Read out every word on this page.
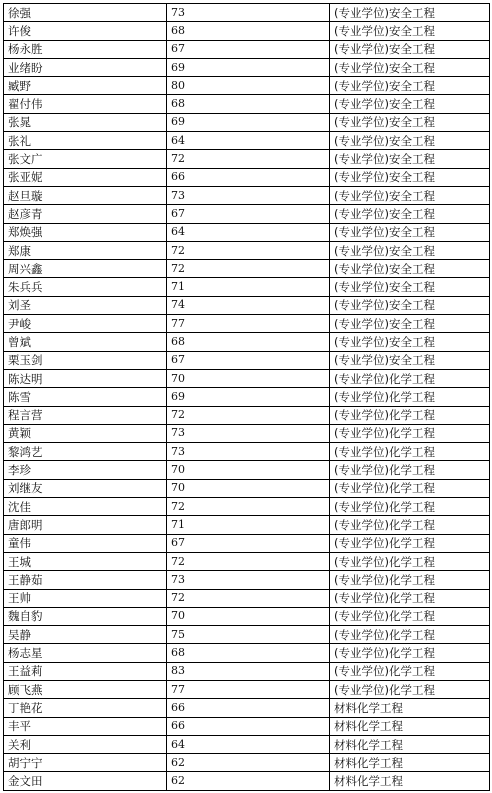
徐强	73	(专业学位)安全工程
许俊	68	(专业学位)安全工程
杨永胜	67	(专业学位)安全工程
业绪盼	69	(专业学位)安全工程
臧野	80	(专业学位)安全工程
翟付伟	68	(专业学位)安全工程
张晁	69	(专业学位)安全工程
张礼	64	(专业学位)安全工程
张文广	72	(专业学位)安全工程
张亚妮	66	(专业学位)安全工程
赵旦璇	73	(专业学位)安全工程
赵彦青	67	(专业学位)安全工程
郑焕强	64	(专业学位)安全工程
郑康	72	(专业学位)安全工程
周兴鑫	72	(专业学位)安全工程
朱兵兵	71	(专业学位)安全工程
刘圣	74	(专业学位)安全工程
尹峻	77	(专业学位)安全工程
曾斌	68	(专业学位)安全工程
栗玉剑	67	(专业学位)安全工程
陈达明	70	(专业学位)化学工程
陈雪	69	(专业学位)化学工程
程言营	72	(专业学位)化学工程
黄颖	73	(专业学位)化学工程
黎鸿艺	73	(专业学位)化学工程
李珍	70	(专业学位)化学工程
刘继友	70	(专业学位)化学工程
沈佳	72	(专业学位)化学工程
唐郎明	71	(专业学位)化学工程
童伟	67	(专业学位)化学工程
王城	72	(专业学位)化学工程
王静茹	73	(专业学位)化学工程
王帅	72	(专业学位)化学工程
魏自豹	70	(专业学位)化学工程
吴静	75	(专业学位)化学工程
杨志星	68	(专业学位)化学工程
王益莉	83	(专业学位)化学工程
顾飞燕	77	(专业学位)化学工程
丁艳花	66	材料化学工程
丰平	66	材料化学工程
关利	64	材料化学工程
胡宁宁	62	材料化学工程
金文田	62	材料化学工程
